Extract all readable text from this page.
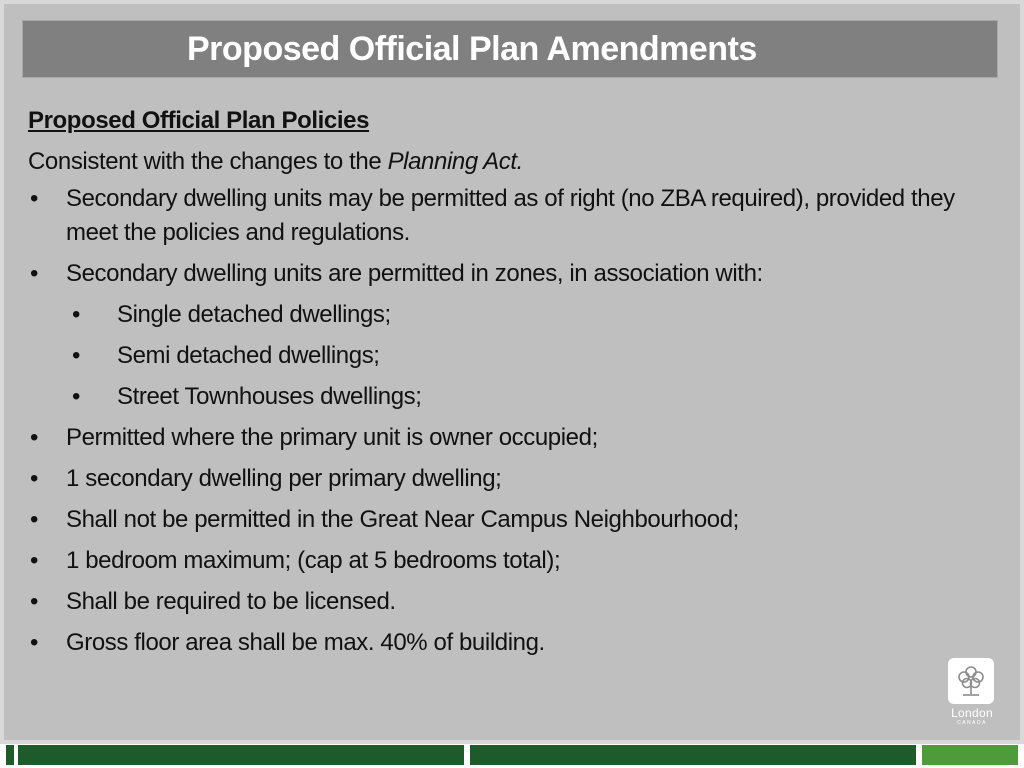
Proposed Official Plan Amendments
Proposed Official Plan Policies
Consistent with the changes to the Planning Act.
• Secondary dwelling units may be permitted as of right (no ZBA required), provided they meet the policies and regulations.
• Secondary dwelling units are permitted in zones, in association with:
• Single detached dwellings;
• Semi detached dwellings;
• Street Townhouses dwellings;
• Permitted where the primary unit is owner occupied;
• 1 secondary dwelling per primary dwelling;
• Shall not be permitted in the Great Near Campus Neighbourhood;
• 1 bedroom maximum; (cap at 5 bedrooms total);
• Shall be required to be licensed.
• Gross floor area shall be max. 40% of building.
London
CANADA
